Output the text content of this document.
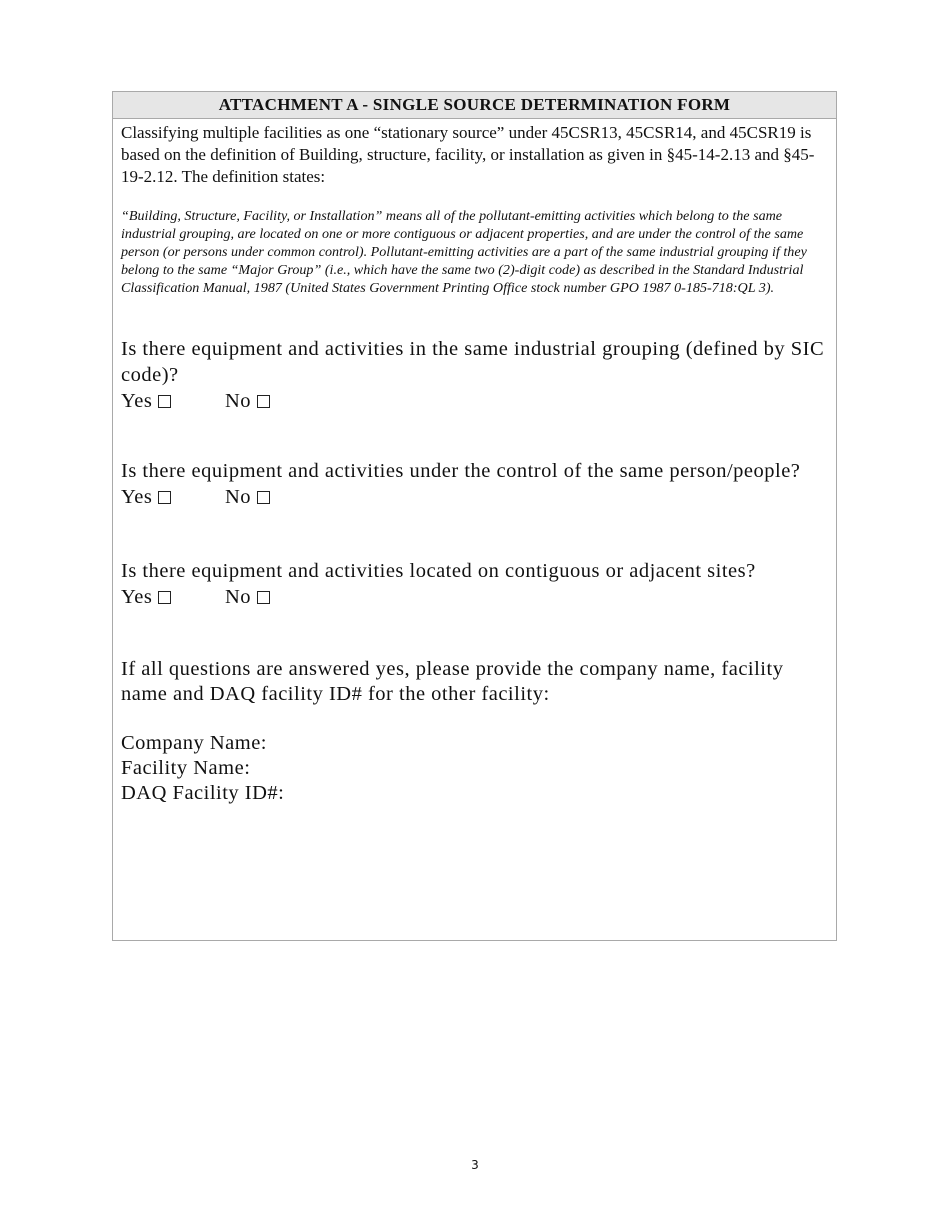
ATTACHMENT A - SINGLE SOURCE DETERMINATION FORM

Classifying multiple facilities as one “stationary source” under 45CSR13, 45CSR14, and 45CSR19 is based on the definition of Building, structure, facility, or installation as given in §45-14-2.13 and §45-19-2.12. The definition states:

“Building, Structure, Facility, or Installation” means all of the pollutant-emitting activities which belong to the same industrial grouping, are located on one or more contiguous or adjacent properties, and are under the control of the same person (or persons under common control). Pollutant-emitting activities are a part of the same industrial grouping if they belong to the same “Major Group” (i.e., which have the same two (2)-digit code) as described in the Standard Industrial Classification Manual, 1987 (United States Government Printing Office stock number GPO 1987 0-185-718:QL 3).

Is there equipment and activities in the same industrial grouping (defined by SIC code)?

Yes	No

Is there equipment and activities under the control of the same person/people?

Yes	No

Is there equipment and activities located on contiguous or adjacent sites?

Yes	No

If all questions are answered yes, please provide the company name, facility name and DAQ facility ID# for the other facility:

Company Name:
Facility Name:
DAQ Facility ID#:
3
